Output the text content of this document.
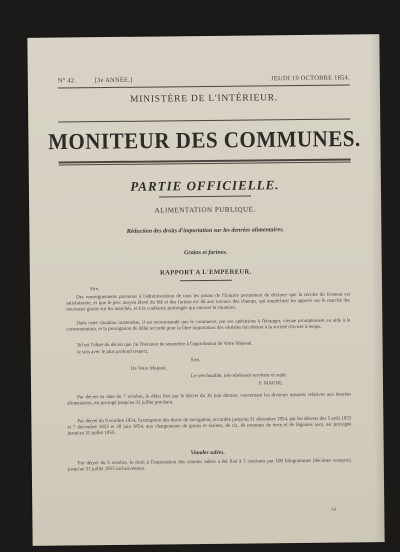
N° 42.	[3e ANNÉE.]	JEUDI 19 OCTOBRE 1854.
MINISTÈRE DE L'INTÉRIEUR.
MONITEUR DES COMMUNES.
PARTIE OFFICIELLE.
ALIMENTATION PUBLIQUE.
Réduction des droits d'importation sur les denrées alimentaires.
Grains et farines.
RAPPORT A L'EMPEREUR.
Sire,
Des renseignements parvenus à l'administration de tous les points de l'Empire permettent de déclarer que la récolte du froment est satisfaisante, et que le prix moyen élevé du blé et des farines est dû aux travaux des champs, qui empêchent les apports sur le marché des nouveaux grains sur les marchés, et à la confiance prolongée qui entoure la situation.
Dans cette situation inattendue, il est recommandé que le commerce, par ses opérations à l'étranger, vienne promptement en aide à la consommation, et la prorogation du délai accordé pour la libre importation des céréales fait désirer à la société d'aviser à temps.
Tel est l'objet du décret que j'ai l'honneur de soumettre à l'approbation de Votre Majesté.
Je suis avec le plus profond respect,
Sire,
De Votre Majesté,
Le très-humble, très-obéissant serviteur et sujet,
F. MAGNE.
Par décret en date du 7 octobre, le délai fixé par le décret du 30 juin dernier, concernant les diverses mesures relatives aux denrées alimentaires, est prorogé jusqu'au 31 juillet prochain.
Par décret du 9 octobre 1854, l'exemption des droits de navigation, accordée jusqu'au 31 décembre 1854, par les décrets des 5 août 1853 et 7 décembre 1853 et 30 juin 1854, aux chargements de grains et farines, de riz, de pommes de terre et de légumes secs, est prorogée jusqu'au 31 juillet 1855.
Viandes salées.
Par décret du 5 octobre, le droit à l'importation des viandes salées a été fixé à 5 centimes par 100 kilogrammes (décimes compris), jusqu'au 31 juillet 1855 inclusivement.
64
